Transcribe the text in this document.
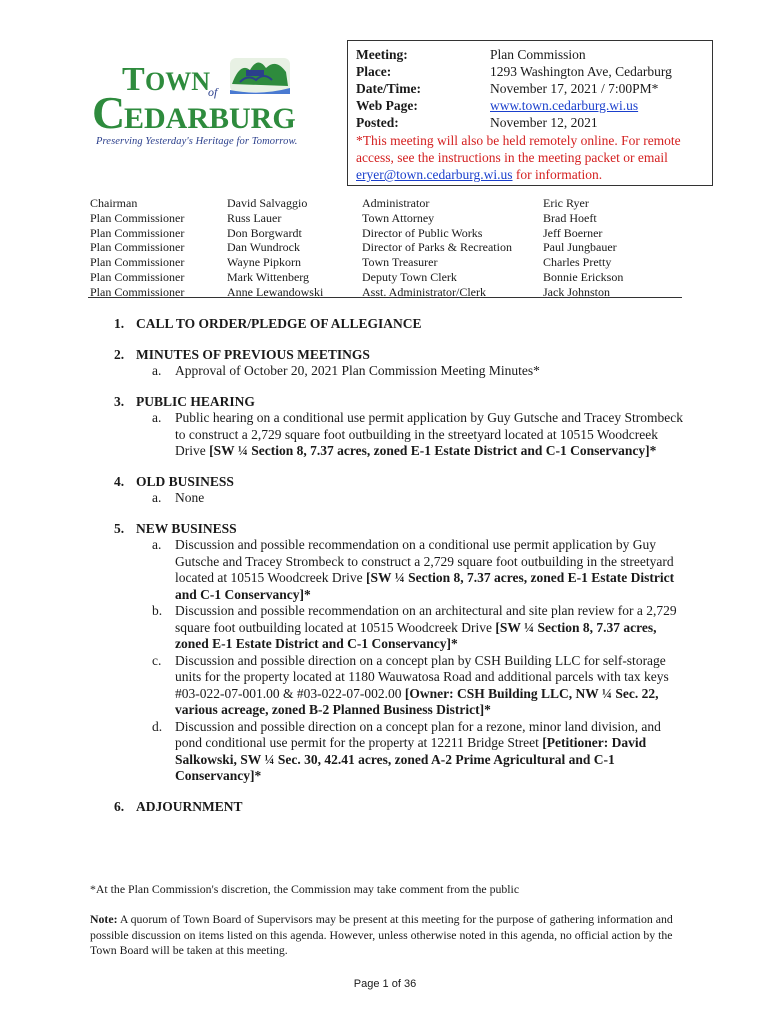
T OWN
of
C
EDARBURG
Preserving Yesterday's Heritage for Tomorrow.
Meeting:	Plan Commission
Place:	1293 Washington Ave, Cedarburg
Date/Time:	November 17, 2021 / 7:00PM*
Web Page:	www.town.cedarburg.wi.us
Posted:	November 12, 2021
*This meeting will also be held remotely online. For remote access, see the instructions in the meeting packet or email eryer@town.cedarburg.wi.us for information.
Chairman	David Salvaggio	Administrator	Eric Ryer
Plan Commissioner	Russ Lauer	Town Attorney	Brad Hoeft
Plan Commissioner	Don Borgwardt	Director of Public Works	Jeff Boerner
Plan Commissioner	Dan Wundrock	Director of Parks & Recreation	Paul Jungbauer
Plan Commissioner	Wayne Pipkorn	Town Treasurer	Charles Pretty
Plan Commissioner	Mark Wittenberg	Deputy Town Clerk	Bonnie Erickson
Plan Commissioner	Anne Lewandowski	Asst. Administrator/Clerk	Jack Johnston
1. CALL TO ORDER/PLEDGE OF ALLEGIANCE
2. MINUTES OF PREVIOUS MEETINGS
a.	Approval of October 20, 2021 Plan Commission Meeting Minutes*
3. PUBLIC HEARING
a.	Public hearing on a conditional use permit application by Guy Gutsche and Tracey Strombeck to construct a 2,729 square foot outbuilding in the streetyard located at 10515 Woodcreek Drive [SW ¼ Section 8, 7.37 acres, zoned E-1 Estate District and C-1 Conservancy]*
4. OLD BUSINESS
a.	None
5. NEW BUSINESS
a.	Discussion and possible recommendation on a conditional use permit application by Guy Gutsche and Tracey Strombeck to construct a 2,729 square foot outbuilding in the streetyard located at 10515 Woodcreek Drive [SW ¼ Section 8, 7.37 acres, zoned E-1 Estate District and C-1 Conservancy]*
b. Discussion and possible recommendation on an architectural and site plan review for a 2,729 square foot outbuilding located at 10515 Woodcreek Drive [SW ¼ Section 8, 7.37 acres, zoned E-1 Estate District and C-1 Conservancy]*
c.	Discussion and possible direction on a concept plan by CSH Building LLC for self-storage units for the property located at 1180 Wauwatosa Road and additional parcels with tax keys #03-022-07-001.00 & #03-022-07-002.00 [Owner: CSH Building LLC, NW ¼ Sec. 22, various acreage, zoned B-2 Planned Business District]*
d. Discussion and possible direction on a concept plan for a rezone, minor land division, and pond conditional use permit for the property at 12211 Bridge Street [Petitioner: David Salkowski, SW ¼ Sec. 30, 42.41 acres, zoned A-2 Prime Agricultural and C-1 Conservancy]*
6. ADJOURNMENT
*At the Plan Commission's discretion, the Commission may take comment from the public
Note: A quorum of Town Board of Supervisors may be present at this meeting for the purpose of gathering information and possible discussion on items listed on this agenda. However, unless otherwise noted in this agenda, no official action by the Town Board will be taken at this meeting.
Page 1 of 36
